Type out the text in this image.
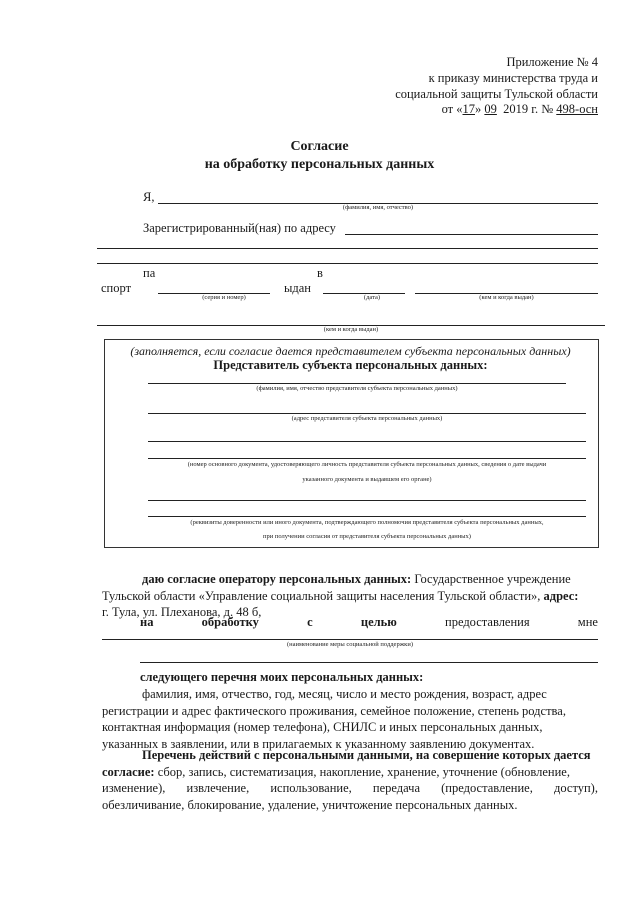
Приложение № 4
к приказу министерства труда и
социальной защиты Тульской области
от «17» 09 2019 г. № 498-осн
Согласие
на обработку персональных данных
Я,
(фамилия, имя, отчество)
Зарегистрированный(ная) по адресу
па
спорт
в
ыдан
(серия и номер)	(дата)	(кем и когда выдан)
(кем и когда выдан)
(заполняется, если согласие дается представителем субъекта персональных данных)
Представитель субъекта персональных данных:
(фамилия, имя, отчество представителя субъекта персональных данных)
(адрес представителя субъекта персональных данных)
(номер основного документа, удостоверяющего личность представителя субъекта персональных данных, сведения о дате выдачи
указанного документа и выдавшем его органе)
(реквизиты доверенности или иного документа, подтверждающего полномочия представителя субъекта персональных данных,
при получении согласия от представителя субъекта персональных данных)
даю согласие оператору персональных данных: Государственное учреждение
Тульской области «Управление социальной защиты населения Тульской области», адрес:
г. Тула, ул. Плеханова, д. 48 б,
на	обработку	с	целью	предоставления	мне
(наименование меры социальной поддержки)
следующего перечня моих персональных данных:
фамилия, имя, отчество, год, месяц, число и место рождения, возраст, адрес
регистрации и адрес фактического проживания, семейное положение, степень родства,
контактная информация (номер телефона), СНИЛС и иных персональных данных,
указанных в заявлении, или в прилагаемых к указанному заявлению документах.
Перечень действий с персональными данными, на совершение которых дается
согласие: сбор, запись, систематизация, накопление, хранение, уточнение (обновление,
изменение), извлечение, использование, передача (предоставление, доступ),
обезличивание, блокирование, удаление, уничтожение персональных данных.
